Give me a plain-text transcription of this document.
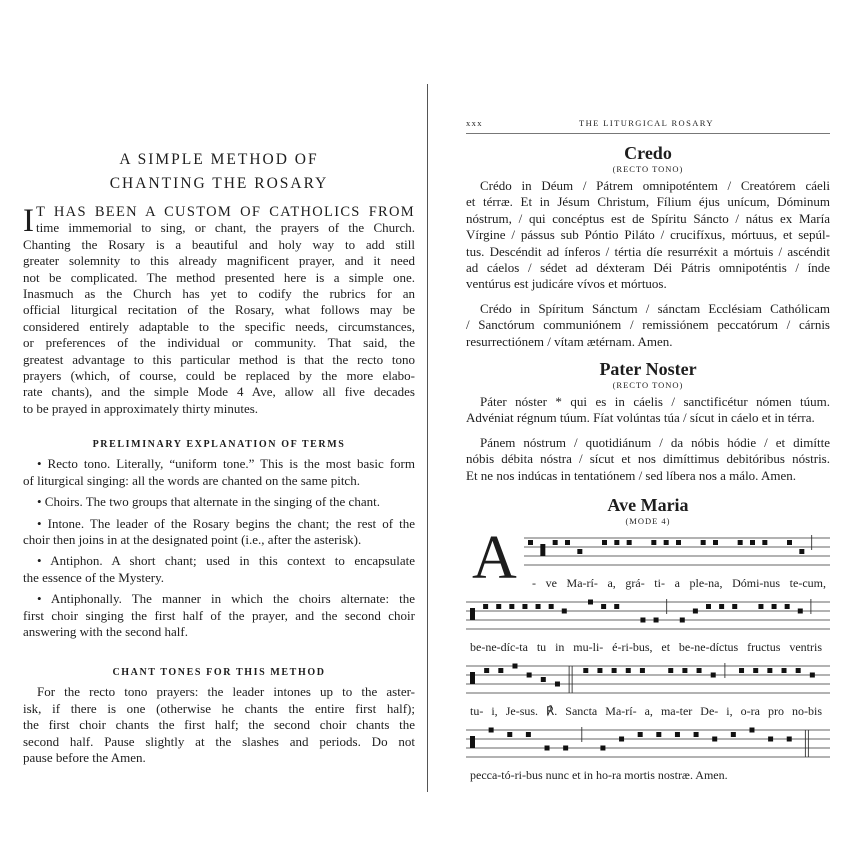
A SIMPLE METHOD OF
CHANTING THE ROSARY
I T HAS BEEN A CUSTOM OF CATHOLICS FROM
time immemorial to sing, or chant, the prayers of the Church.
Chanting the Rosary is a beautiful and holy way to add still
greater solemnity to this already magnificent prayer, and it need
not be complicated. The method presented here is a simple one.
Inasmuch as the Church has yet to codify the rubrics for an
official liturgical recitation of the Rosary, what follows may be
considered entirely adaptable to the specific needs, circumstances,
or preferences of the individual or community. That said, the
greatest advantage to this particular method is that the recto tono
prayers (which, of course, could be replaced by the more elabo-
rate chants), and the simple Mode 4 Ave, allow all five decades
to be prayed in approximately thirty minutes.

PRELIMINARY EXPLANATION OF TERMS

• Recto tono. Literally, “uniform tone.” This is the most basic form
of liturgical singing: all the words are chanted on the same pitch.
• Choirs. The two groups that alternate in the singing of the chant.
• Intone. The leader of the Rosary begins the chant; the rest of the
choir then joins in at the designated point (i.e., after the asterisk).
• Antiphon. A short chant; used in this context to encapsulate
the essence of the Mystery.
• Antiphonally. The manner in which the choirs alternate: the
first choir singing the first half of the prayer, and the second choir
answering with the second half.

CHANT TONES FOR THIS METHOD

For the recto tono prayers: the leader intones up to the aster-
isk, if there is one (otherwise he chants the entire first half);
the first choir chants the first half; the second choir chants the
second half. Pause slightly at the slashes and periods. Do not
pause before the Amen.
xxx	THE LITURGICAL ROSARY
Credo
(RECTO TONO)
Crédo in Déum / Pátrem omnipoténtem / Creatórem cáeli
et térræ. Et in Jésum Christum, Fílium éjus unícum, Dóminum
nóstrum, / qui concéptus est de Spíritu Sáncto / nátus ex María
Vírgine / pássus sub Póntio Piláto / crucifíxus, mórtuus, et sepúl-
tus. Descéndit ad ínferos / tértia díe resurréxit a mórtuis / ascéndit
ad cáelos / sédet ad déxteram Déi Pátris omnipoténtis / índe
ventúrus est judicáre vívos et mórtuos.
Crédo in Spíritum Sánctum / sánctam Ecclésiam Cathólicam
/ Sanctórum communiónem / remissiónem peccatórum / cárnis
resurrectiónem / vítam ætérnam. Amen.
Pater Noster
(RECTO TONO)
Páter nóster * qui es in cáelis / sanctificétur nómen túum.
Advéniat régnum túum. Fíat volúntas túa / sícut in cáelo et in térra.
Pánem nóstrum / quotidiánum / da nóbis hódie / et dimítte
nóbis débita nóstra / sícut et nos dimíttimus debitóribus nóstris.
Et ne nos indúcas in tentatiónem / sed líbera nos a málo. Amen.
Ave Maria
(MODE 4)
A - ve Ma-rí- a, grá- ti- a ple-na, Dómi-nus te-cum,
be-ne-díc-ta tu in mu-li- é-ri-bus, et be-ne-díctus fructus ventris
tu- i, Je-sus. ℟. Sancta Ma-rí- a, ma-ter De- i, o-ra pro no-bis
pecca-tó-ri-bus nunc et in ho-ra mortis nostræ. Amen.
